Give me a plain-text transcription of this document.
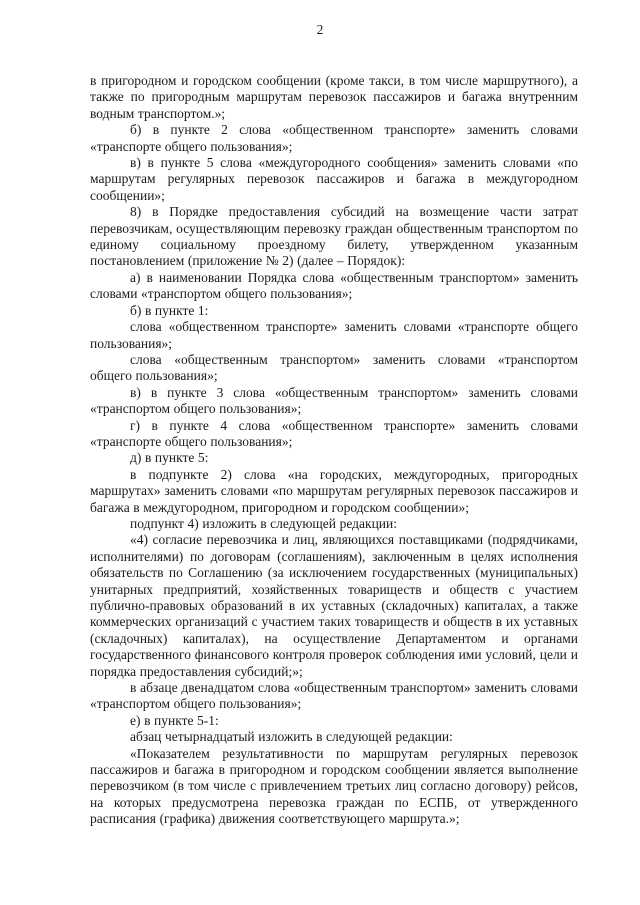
2

в пригородном и городском сообщении (кроме такси, в том числе маршрутного), а также по пригородным маршрутам перевозок пассажиров и багажа внутренним водным транспортом.»;

б) в пункте 2 слова «общественном транспорте» заменить словами «транспорте общего пользования»;

в) в пункте 5 слова «междугородного сообщения» заменить словами «по маршрутам регулярных перевозок пассажиров и багажа в междугородном сообщении»;

8) в Порядке предоставления субсидий на возмещение части затрат перевозчикам, осуществляющим перевозку граждан общественным транспортом по единому социальному проездному билету, утвержденном указанным постановлением (приложение № 2) (далее – Порядок):

а) в наименовании Порядка слова «общественным транспортом» заменить словами «транспортом общего пользования»;

б) в пункте 1:

слова «общественном транспорте» заменить словами «транспорте общего пользования»;

слова «общественным транспортом» заменить словами «транспортом общего пользования»;

в) в пункте 3 слова «общественным транспортом» заменить словами «транспортом общего пользования»;

г) в пункте 4 слова «общественном транспорте» заменить словами «транспорте общего пользования»;

д) в пункте 5:

в подпункте 2) слова «на городских, междугородных, пригородных маршрутах» заменить словами «по маршрутам регулярных перевозок пассажиров и багажа в междугородном, пригородном и городском сообщении»;

подпункт 4) изложить в следующей редакции:

«4) согласие перевозчика и лиц, являющихся поставщиками (подрядчиками, исполнителями) по договорам (соглашениям), заключенным в целях исполнения обязательств по Соглашению (за исключением государственных (муниципальных) унитарных предприятий, хозяйственных товариществ и обществ с участием публично-правовых образований в их уставных (складочных) капиталах, а также коммерческих организаций с участием таких товариществ и обществ в их уставных (складочных) капиталах), на осуществление Департаментом и органами государственного финансового контроля проверок соблюдения ими условий, цели и порядка предоставления субсидий;»;

в абзаце двенадцатом слова «общественным транспортом» заменить словами «транспортом общего пользования»;

е) в пункте 5-1:

абзац четырнадцатый изложить в следующей редакции:

«Показателем результативности по маршрутам регулярных перевозок пассажиров и багажа в пригородном и городском сообщении является выполнение перевозчиком (в том числе с привлечением третьих лиц согласно договору) рейсов, на которых предусмотрена перевозка граждан по ЕСПБ, от утвержденного расписания (графика) движения соответствующего маршрута.»;
